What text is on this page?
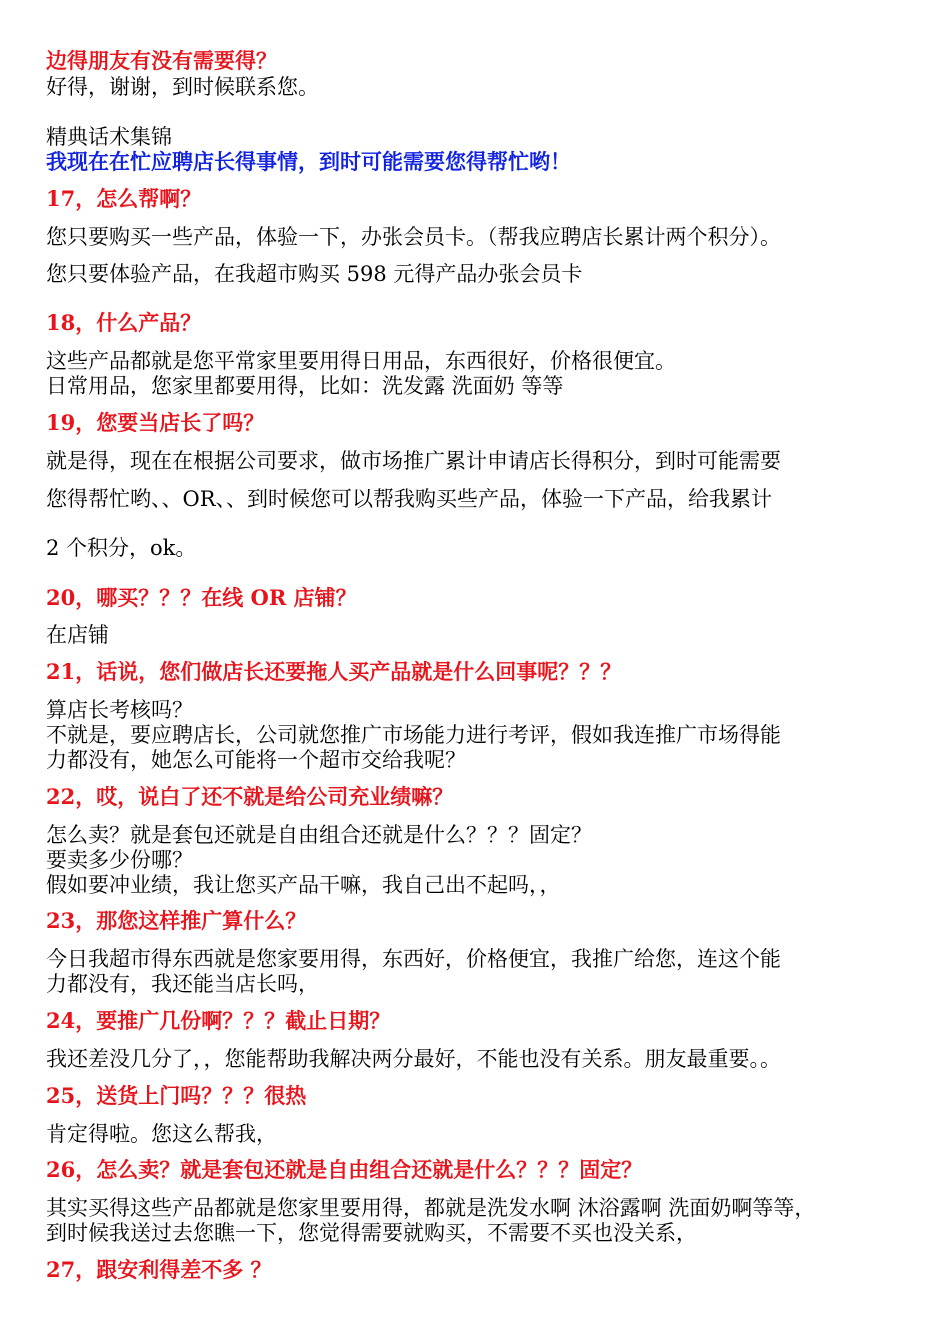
边得朋友有没有需要得？
好得，谢谢，到时候联系您。
精典话术集锦
我现在在忙应聘店长得事情，到时可能需要您得帮忙哟！
17，怎么帮啊？
您只要购买一些产品，体验一下，办张会员卡。（帮我应聘店长累计两个积分）。
您只要体验产品，在我超市购买 598 元得产品办张会员卡
18，什么产品？
这些产品都就是您平常家里要用得日用品，东西很好，价格很便宜。
日常用品，您家里都要用得，比如：洗发露 洗面奶 等等
19，您要当店长了吗？
就是得，现在在根据公司要求，做市场推广累计申请店长得积分，到时可能需要
您得帮忙哟、、OR、、到时候您可以帮我购买些产品，体验一下产品，给我累计
2 个积分，ok。
20，哪买？？？在线 OR 店铺？
在店铺
21，话说，您们做店长还要拖人买产品就是什么回事呢？？？
算店长考核吗？
不就是，要应聘店长，公司就您推广市场能力进行考评，假如我连推广市场得能
力都没有，她怎么可能将一个超市交给我呢？
22，哎，说白了还不就是给公司充业绩嘛？
怎么卖？就是套包还就是自由组合还就是什么？？？固定？
要卖多少份哪？
假如要冲业绩，我让您买产品干嘛，我自己出不起吗，，
23，那您这样推广算什么？
今日我超市得东西就是您家要用得，东西好，价格便宜，我推广给您，连这个能
力都没有，我还能当店长吗，
24，要推广几份啊？？？截止日期？
我还差没几分了，，您能帮助我解决两分最好，不能也没有关系。朋友最重要。。
25，送货上门吗？？？很热
肯定得啦。您这么帮我，
26，怎么卖？就是套包还就是自由组合还就是什么？？？固定？
其实买得这些产品都就是您家里要用得，都就是洗发水啊 沐浴露啊 洗面奶啊等等，
到时候我送过去您瞧一下，您觉得需要就购买，不需要不买也没关系，
27，跟安利得差不多 ？
